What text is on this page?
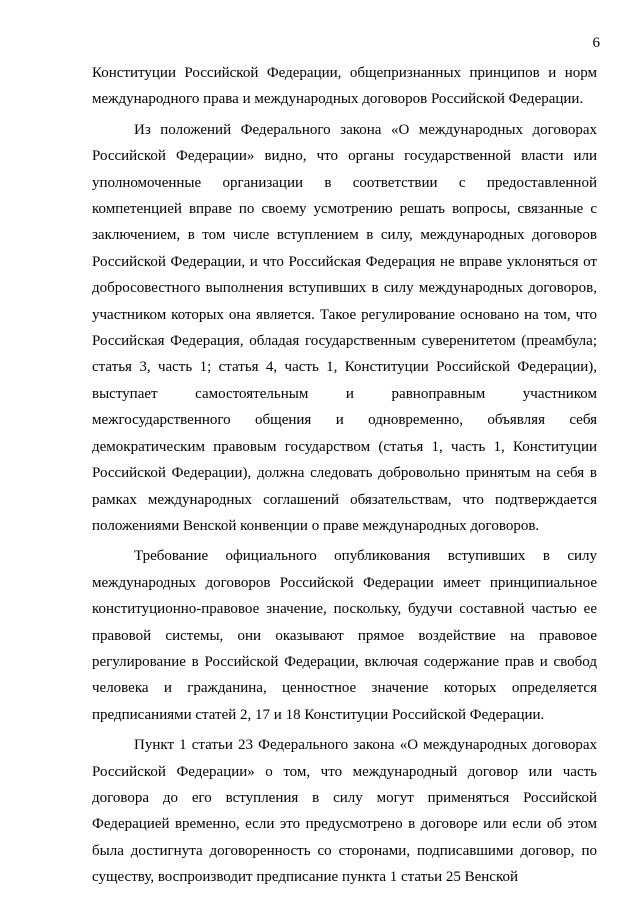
6

Конституции Российской Федерации, общепризнанных принципов и норм международного права и международных договоров Российской Федерации.

Из положений Федерального закона «О международных договорах Российской Федерации» видно, что органы государственной власти или уполномоченные организации в соответствии с предоставленной компетенцией вправе по своему усмотрению решать вопросы, связанные с заключением, в том числе вступлением в силу, международных договоров Российской Федерации, и что Российская Федерация не вправе уклоняться от добросовестного выполнения вступивших в силу международных договоров, участником которых она является. Такое регулирование основано на том, что Российская Федерация, обладая государственным суверенитетом (преамбула; статья 3, часть 1; статья 4, часть 1, Конституции Российской Федерации), выступает самостоятельным и равноправным участником межгосударственного общения и одновременно, объявляя себя демократическим правовым государством (статья 1, часть 1, Конституции Российской Федерации), должна следовать добровольно принятым на себя в рамках международных соглашений обязательствам, что подтверждается положениями Венской конвенции о праве международных договоров.

Требование официального опубликования вступивших в силу международных договоров Российской Федерации имеет принципиальное конституционно-правовое значение, поскольку, будучи составной частью ее правовой системы, они оказывают прямое воздействие на правовое регулирование в Российской Федерации, включая содержание прав и свобод человека и гражданина, ценностное значение которых определяется предписаниями статей 2, 17 и 18 Конституции Российской Федерации.

Пункт 1 статьи 23 Федерального закона «О международных договорах Российской Федерации» о том, что международный договор или часть договора до его вступления в силу могут применяться Российской Федерацией временно, если это предусмотрено в договоре или если об этом была достигнута договоренность со сторонами, подписавшими договор, по существу, воспроизводит предписание пункта 1 статьи 25 Венской
